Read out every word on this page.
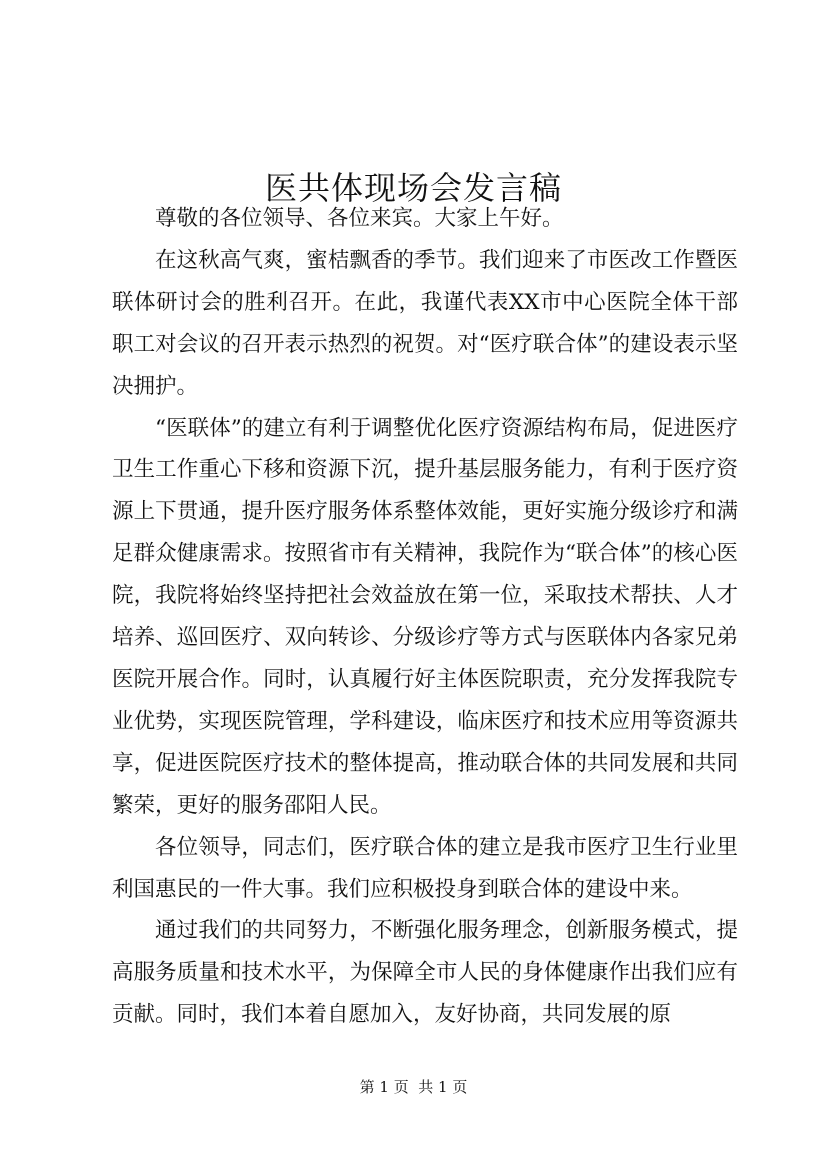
医共体现场会发言稿

尊敬的各位领导、各位来宾。大家上午好。

在这秋高气爽，蜜桔飘香的季节。我们迎来了市医改工作暨医联体研讨会的胜利召开。在此，我谨代表XX市中心医院全体干部职工对会议的召开表示热烈的祝贺。对“医疗联合体”的建设表示坚决拥护。

“医联体”的建立有利于调整优化医疗资源结构布局，促进医疗卫生工作重心下移和资源下沉，提升基层服务能力，有利于医疗资源上下贯通，提升医疗服务体系整体效能，更好实施分级诊疗和满足群众健康需求。按照省市有关精神，我院作为“联合体”的核心医院，我院将始终坚持把社会效益放在第一位，采取技术帮扶、人才培养、巡回医疗、双向转诊、分级诊疗等方式与医联体内各家兄弟医院开展合作。同时，认真履行好主体医院职责，充分发挥我院专业优势，实现医院管理，学科建设，临床医疗和技术应用等资源共享，促进医院医疗技术的整体提高，推动联合体的共同发展和共同繁荣，更好的服务邵阳人民。

各位领导，同志们，医疗联合体的建立是我市医疗卫生行业里利国惠民的一件大事。我们应积极投身到联合体的建设中来。

通过我们的共同努力，不断强化服务理念，创新服务模式，提高服务质量和技术水平，为保障全市人民的身体健康作出我们应有贡献。同时，我们本着自愿加入，友好协商，共同发展的原

第 1 页  共 1 页
